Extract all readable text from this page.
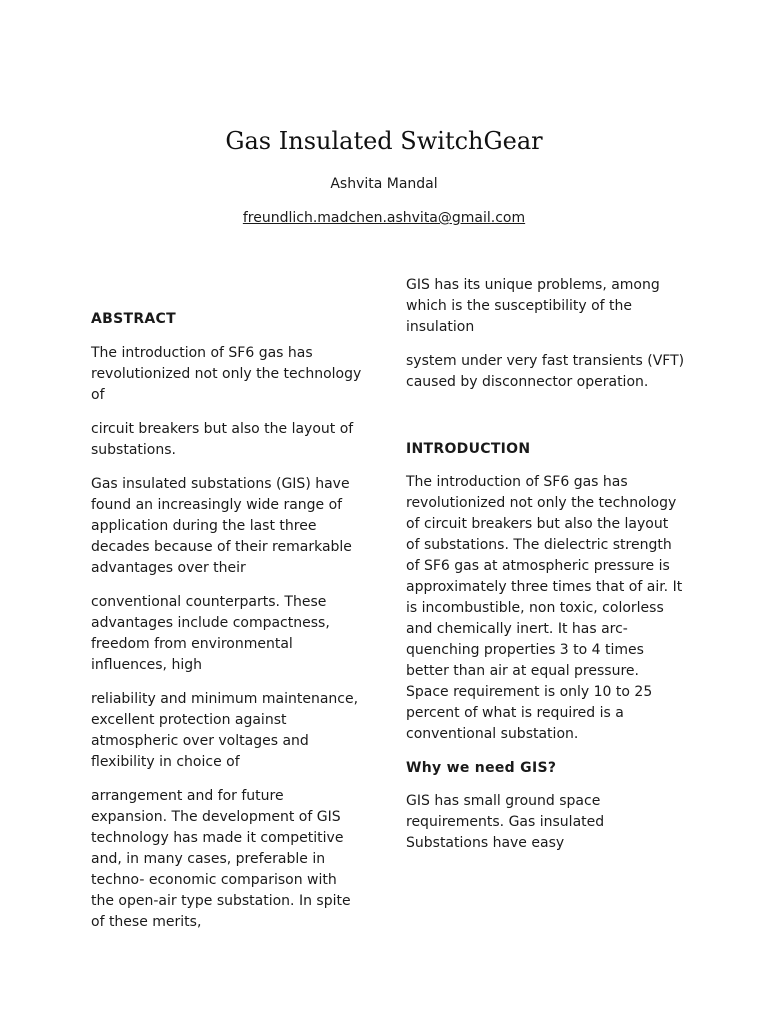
Gas Insulated SwitchGear
Ashvita Mandal
freundlich.madchen.ashvita@gmail.com
ABSTRACT

The introduction of SF6 gas has revolutionized not only the technology of

circuit breakers but also the layout of substations.

Gas insulated substations (GIS) have found an increasingly wide range of application during the last three decades because of their remarkable advantages over their

conventional counterparts. These advantages include compactness, freedom from environmental influences, high

reliability and minimum maintenance, excellent protection against atmospheric over voltages and flexibility in choice of

arrangement and for future expansion. The development of GIS technology has made it competitive and, in many cases, preferable in techno- economic comparison with the open-air type substation. In spite of these merits,

GIS has its unique problems, among which is the susceptibility of the insulation

system under very fast transients (VFT) caused by disconnector operation.

INTRODUCTION

The introduction of SF6 gas has revolutionized not only the technology of circuit breakers but also the layout of substations. The dielectric strength of SF6 gas at atmospheric pressure is approximately three times that of air. It is incombustible, non toxic, colorless and chemically inert. It has arc-quenching properties 3 to 4 times better than air at equal pressure. Space requirement is only 10 to 25 percent of what is required is a conventional substation.

Why we need GIS?

GIS has small ground space requirements. Gas insulated Substations have easy
